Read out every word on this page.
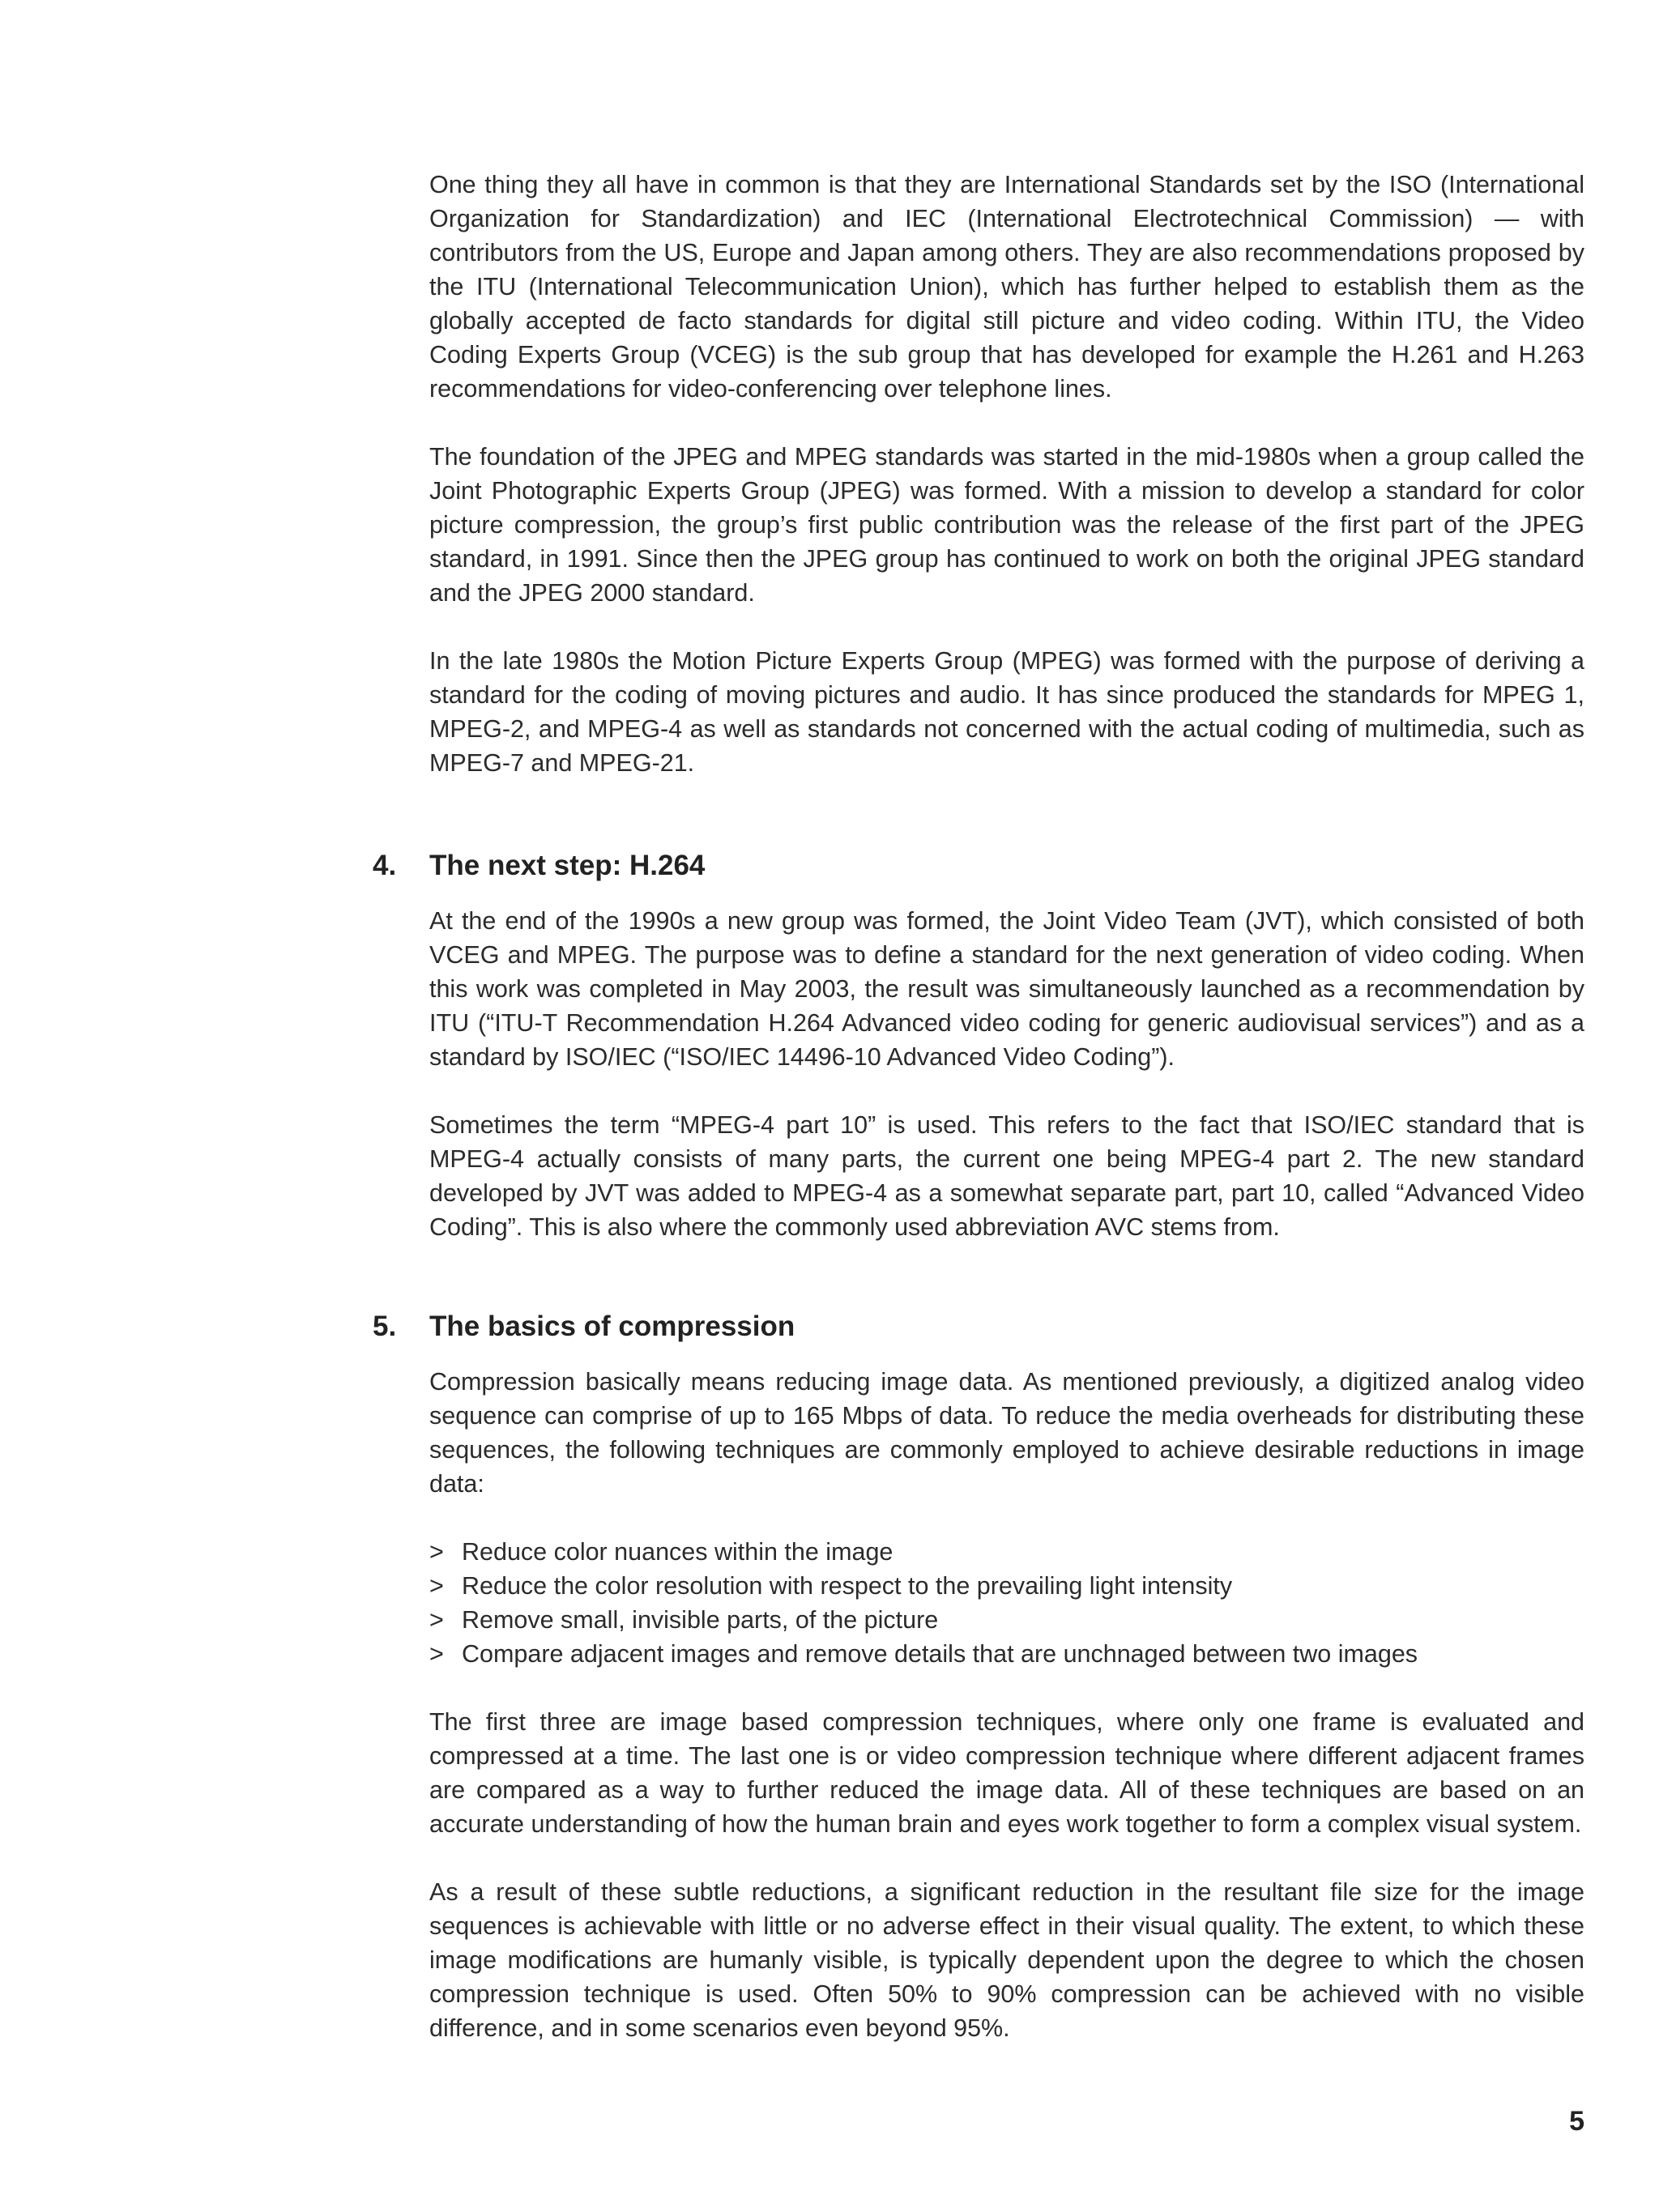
One thing they all have in common is that they are International Standards set by the ISO (International Organization for Standardization) and IEC (International Electrotechnical Commission) — with contributors from the US, Europe and Japan among others. They are also recommendations proposed by the ITU (International Telecommunication Union), which has further helped to establish them as the globally accepted de facto standards for digital still picture and video coding. Within ITU, the Video Coding Experts Group (VCEG) is the sub group that has developed for example the H.261 and H.263 recommendations for video-conferencing over telephone lines.

The foundation of the JPEG and MPEG standards was started in the mid-1980s when a group called the Joint Photographic Experts Group (JPEG) was formed. With a mission to develop a standard for color picture compression, the group’s first public contribution was the release of the first part of the JPEG standard, in 1991. Since then the JPEG group has continued to work on both the original JPEG standard and the JPEG 2000 standard.

In the late 1980s the Motion Picture Experts Group (MPEG) was formed with the purpose of deriving a standard for the coding of moving pictures and audio. It has since produced the standards for MPEG 1, MPEG-2, and MPEG-4 as well as standards not concerned with the actual coding of multimedia, such as MPEG-7 and MPEG-21.

4. The next step: H.264

At the end of the 1990s a new group was formed, the Joint Video Team (JVT), which consisted of both VCEG and MPEG. The purpose was to define a standard for the next generation of video coding. When this work was completed in May 2003, the result was simultaneously launched as a recommendation by ITU (“ITU-T Recommendation H.264 Advanced video coding for generic audiovisual services”) and as a standard by ISO/IEC (“ISO/IEC 14496-10 Advanced Video Coding”).

Sometimes the term “MPEG-4 part 10” is used. This refers to the fact that ISO/IEC standard that is MPEG-4 actually consists of many parts, the current one being MPEG-4 part 2. The new standard developed by JVT was added to MPEG-4 as a somewhat separate part, part 10, called “Advanced Video Coding”. This is also where the commonly used abbreviation AVC stems from.

5. The basics of compression

Compression basically means reducing image data. As mentioned previously, a digitized analog video sequence can comprise of up to 165 Mbps of data. To reduce the media overheads for distributing these sequences, the following techniques are commonly employed to achieve desirable reductions in image data:

> Reduce color nuances within the image
> Reduce the color resolution with respect to the prevailing light intensity
> Remove small, invisible parts, of the picture
> Compare adjacent images and remove details that are unchnaged between two images

The first three are image based compression techniques, where only one frame is evaluated and compressed at a time. The last one is or video compression technique where different adjacent frames are compared as a way to further reduced the image data. All of these techniques are based on an accurate understanding of how the human brain and eyes work together to form a complex visual system.

As a result of these subtle reductions, a significant reduction in the resultant file size for the image sequences is achievable with little or no adverse effect in their visual quality. The extent, to which these image modifications are humanly visible, is typically dependent upon the degree to which the chosen compression technique is used. Often 50% to 90% compression can be achieved with no visible difference, and in some scenarios even beyond 95%.

5
